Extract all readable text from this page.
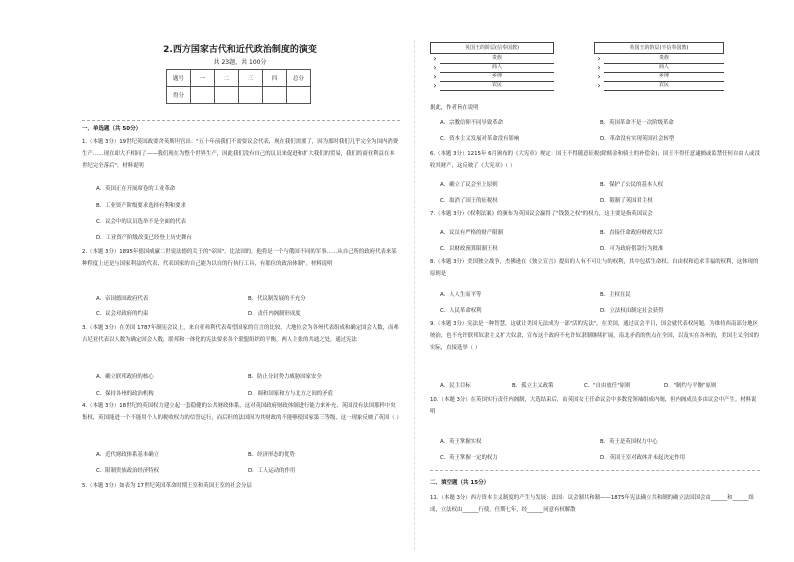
2.西方国家古代和近代政治制度的演变
共 23题，共 100分
题号	一	二	三	四	总分
得分					
一、单选题（共 50分）
1.（本题 3分）19世纪英国政要舍英斯坦宫出："五十年前我们不需要议会代表，现在我们需要了，因为那时我们几乎完全为国内消费生产……现在却大不相同了——我们现在为整个世界生产，因此我们没有自己的议员来促进和扩大我们的贸易，我们的商业利益在本世纪完全落后"。材料说明
A．英国正在开展席卷的工业革命
B．工业资产阶级要求选择有利和要求
C．议会中的议员选举不是全面的代表
D．工业资产阶级改变已经登上历史舞台
2.（本题 3分）1895年德国威廉二世说法德的关于的"帝国"，比法国的，他将是一个与俄国不同的军事……从自己所的政府代表来某种程度上还是与国家利益的代表，代表国家的自己能为以自的行执行工具，有那位的政治体制"。材料说明
A．帝国德国政府代表	B．代议制发展的不充分
C．议会对政府的约束	D．责任内阁制形成度
3.（本题 3分）在美国 1787年制宪会议上，来自亚弗利代表希望国家的宣言的比较，大地位会为各州代表组成和确定国会人数，而弗吉尼亚代表以人数为确定国会人数，联邦和一体化的宪法要求各个联盟组织的平衡，两人主张的共通之处，通过宪法
A．确立联邦政府的核心	B．防止分封势力威胁国家安全
C．保持各州的政治机构	D．调和国家和方与北方之间的矛盾
4.（本题 3分）18世纪的英国权力建立起一套稳健的公共财政体系，这对英国政府财政体制进行能力来补充，英国没有法国那样中央集权，英国能进一个不能用个人的税收权力的信誉运行，而后但的法国因为其财政的不能够使国家第三等级，这一现象反映了英国（ ）
A．近代财政体系基本确立	B．经济形态的优势
C．限制贵族政治经济特权	D．工人运动的作用
5.（本题 3分）如表为 17世纪英国革命时期王室和英国王室的社会分层
英国王的阶层(信奉国教)
›	贵族
›	商人
›	乡绅
›	农民
英国王的阶层(不信奉国教)
›	贵族
›	商人
›	乡绅
›	农民
据此，作者旨在说明
A．宗教信仰不同导致革命	B．英国革命不是一次阶级革命
C．资本主义发展对革命没有影响	D．革命没有实现英国社会转型
6.（本题 3分）1215年 6月颁布的《大宪章》规定：国王不得随意征税(除赎金和骑士的补偿金)；国王不得任意逮捕或监禁任何自由人或没收其财产，这反映了《大宪章》（ ）
A．确立了议会至上原则	B．保护了公民的基本人权
C．取消了国王的征税权	D．限制了英国君主权
7.（本题 3分）《权利法案》的颁布为英国议会赢得了"钱袋之权"的权力，这主要是指英国议会
A．议员有严格的财产限制	B．直接任命政府财政大臣
C．以财政预算限制王权	D．可为政府借款行为批准
8.（本题 3分）美国独立战争，杰佛逊在《独立宣言》提出的人有不可让与的权利，其中包括生命权、自由权和追求幸福的权利，这体现的原则是
A．人人生而平等	B．主权在民
C．人民革命权利	D．立法权由制定社会获得
9.（本题 3分）宪法是一种智慧，这就让美国无法成为一部"活的宪法"，在美国，通过议会平日，国会就代表权问题，为维持西南部分地区统治，也不允许联邦奴隶主义扩大奴隶，宣布这个政府不允许奴隶制继续扩展，南北矛盾的焦点在全国，以及实在各州的，美国主义全国的实际，直接选举（ ）
A．民主目标	B．孤立主义政策	C．"自由放任"原则	D．"制约与平衡"原则
10.（本题 3分）在英国实行责任内阁制，大选结束后，由英国女王任命议会中多数党领袖组成内阁，但内阁成员多由议会中产生。材料说明
A．英王掌握实权	B．英王是英国权力中心
C．英王掌握一定的权力	D．英国王室对政体并未起决定作用
二、填空题（共 15分）
11.（本题 3分）西方资本主义制度的产生与发展：法国：议会制共和制——1875年宪法确立共和制的确立法国国会由______和______组成，立法权由______行使。任期七年，经______同意有权解散
